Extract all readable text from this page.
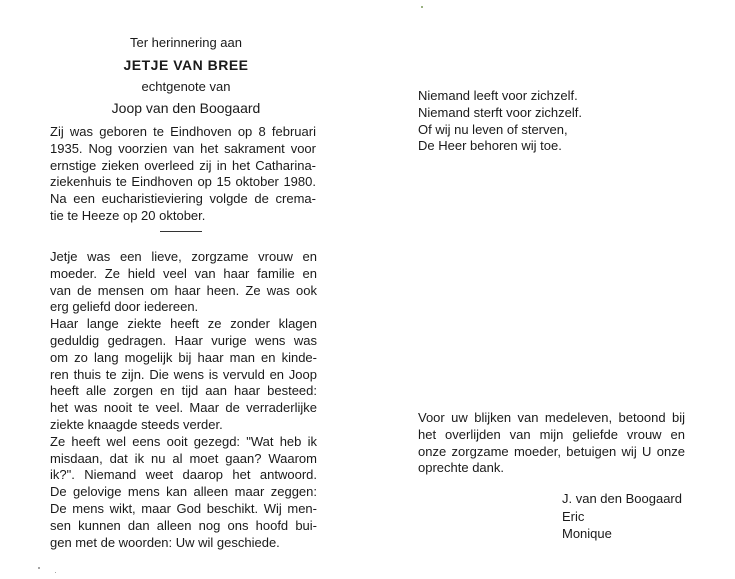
Ter herinnering aan
JETJE VAN BREE
echtgenote van
Joop van den Boogaard
Zij was geboren te Eindhoven op 8 februari
1935. Nog voorzien van het sakrament voor
ernstige zieken overleed zij in het Catharina-
ziekenhuis te Eindhoven op 15 oktober 1980.
Na een eucharistieviering volgde de crema-
tie te Heeze op 20 oktober.
Jetje was een lieve, zorgzame vrouw en
moeder. Ze hield veel van haar familie en
van de mensen om haar heen. Ze was ook
erg geliefd door iedereen.
Haar lange ziekte heeft ze zonder klagen
geduldig gedragen. Haar vurige wens was
om zo lang mogelijk bij haar man en kinde-
ren thuis te zijn. Die wens is vervuld en Joop
heeft alle zorgen en tijd aan haar besteed:
het was nooit te veel. Maar de verraderlijke
ziekte knaagde steeds verder.
Ze heeft wel eens ooit gezegd: "Wat heb ik
misdaan, dat ik nu al moet gaan? Waarom
ik?". Niemand weet daarop het antwoord.
De gelovige mens kan alleen maar zeggen:
De mens wikt, maar God beschikt. Wij men-
sen kunnen dan alleen nog ons hoofd bui-
gen met de woorden: Uw wil geschiede.
Niemand leeft voor zichzelf.
Niemand sterft voor zichzelf.
Of wij nu leven of sterven,
De Heer behoren wij toe.
Voor uw blijken van medeleven, betoond bij
het overlijden van mijn geliefde vrouw en
onze zorgzame moeder, betuigen wij U onze
oprechte dank.
J. van den Boogaard
Eric
Monique
